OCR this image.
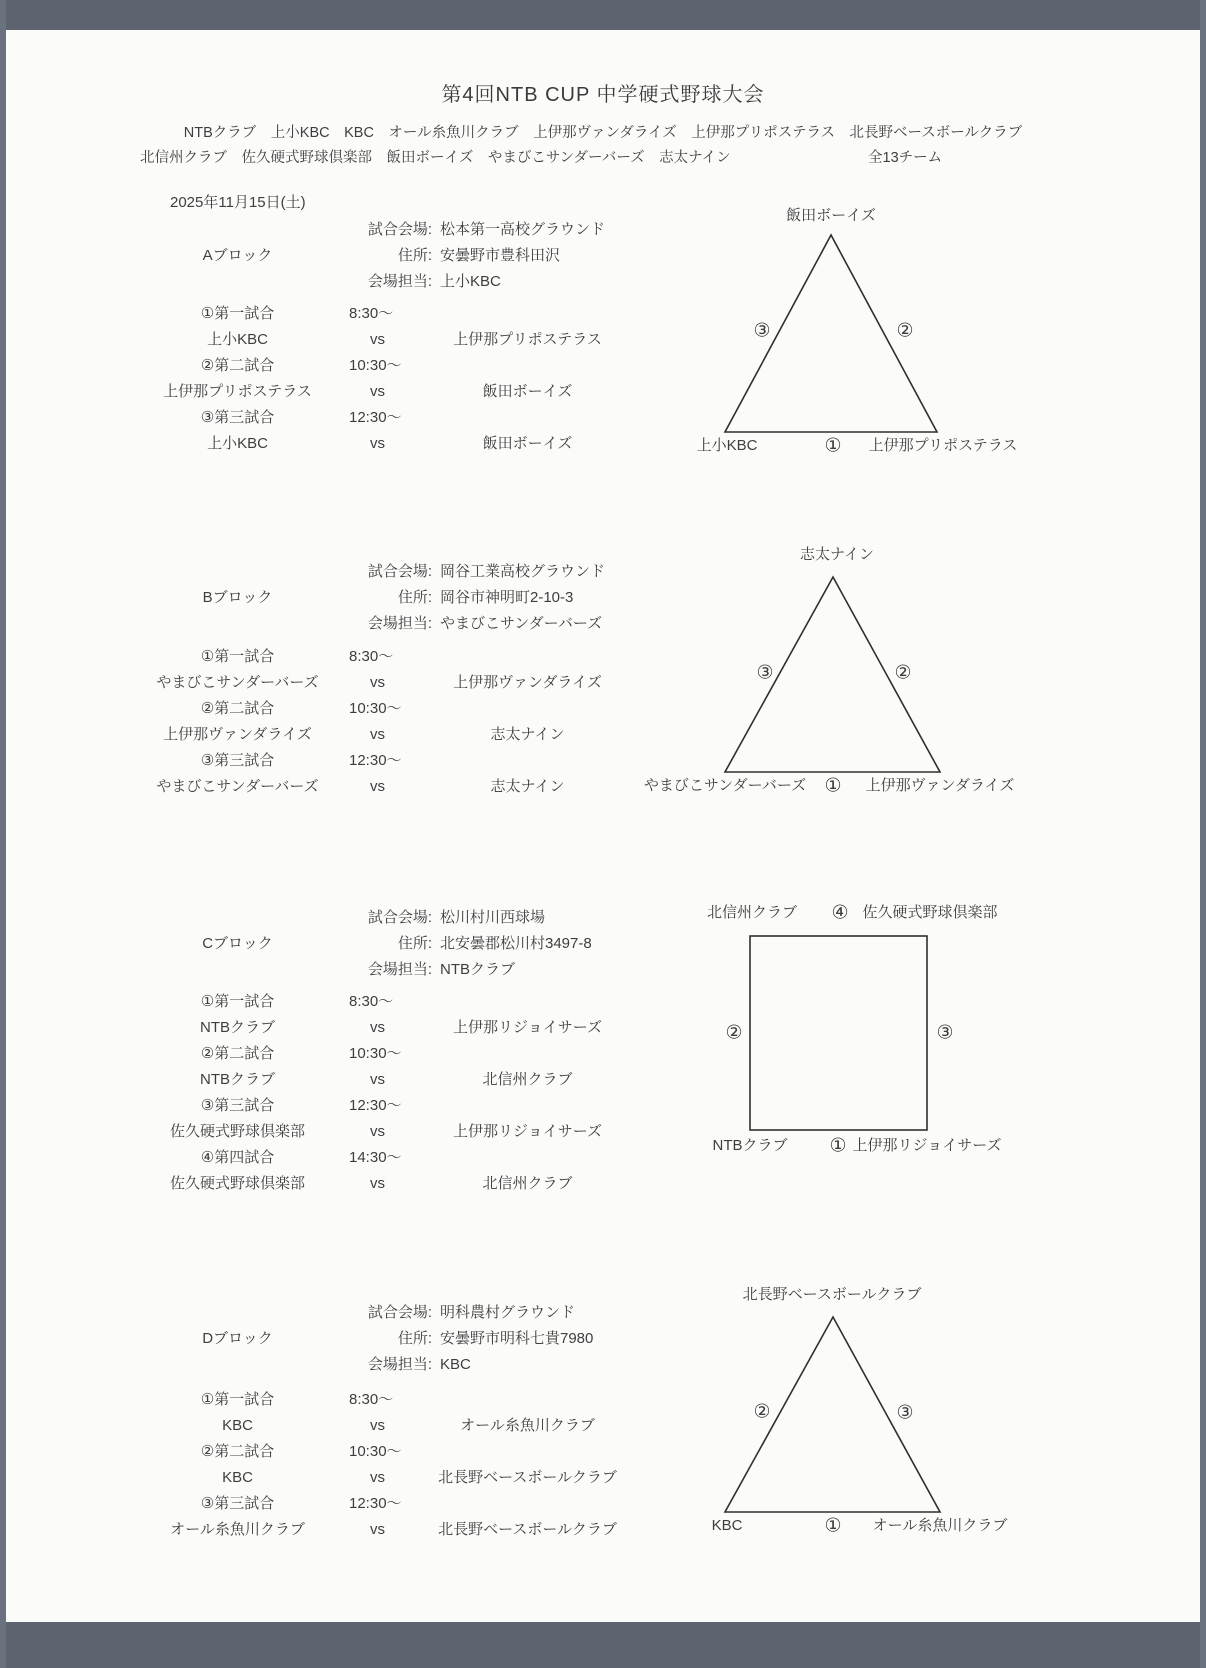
第4回NTB CUP 中学硬式野球大会
NTBクラブ　上小KBC　KBC　オール糸魚川クラブ　上伊那ヴァンダライズ　上伊那プリポステラス　北長野ベースボールクラブ
北信州クラブ　佐久硬式野球倶楽部　飯田ボーイズ　やまびこサンダーバーズ　志太ナイン	全13チーム
2025年11月15日(土)
試合会場: 松本第一高校グラウンド
住所: 安曇野市豊科田沢
会場担当: 上小KBC
Aブロック
①第一試合	8:30～
上小KBC	vs	上伊那プリポステラス
②第二試合	10:30～
上伊那プリポステラス	vs	飯田ボーイズ
③第三試合	12:30～
上小KBC	vs	飯田ボーイズ
飯田ボーイズ
③	②
上小KBC	① 上伊那プリポステラス
試合会場: 岡谷工業高校グラウンド
住所: 岡谷市神明町2-10-3
会場担当: やまびこサンダーバーズ
Bブロック
①第一試合	8:30～
やまびこサンダーバーズ	vs	上伊那ヴァンダライズ
②第二試合	10:30～
上伊那ヴァンダライズ	vs	志太ナイン
③第三試合	12:30～
やまびこサンダーバーズ	vs	志太ナイン
志太ナイン
③	②
やまびこサンダーバーズ ① 上伊那ヴァンダライズ
試合会場: 松川村川西球場
住所: 北安曇郡松川村3497-8
会場担当: NTBクラブ
Cブロック
①第一試合	8:30～
NTBクラブ	vs	上伊那リジョイサーズ
②第二試合	10:30～
NTBクラブ	vs	北信州クラブ
③第三試合	12:30～
佐久硬式野球倶楽部	vs	上伊那リジョイサーズ
④第四試合	14:30～
佐久硬式野球倶楽部	vs	北信州クラブ
北信州クラブ ④ 佐久硬式野球倶楽部
②	③
NTBクラブ ① 上伊那リジョイサーズ
試合会場: 明科農村グラウンド
住所: 安曇野市明科七貴7980
会場担当: KBC
Dブロック
①第一試合	8:30～
KBC	vs	オール糸魚川クラブ
②第二試合	10:30～
KBC	vs	北長野ベースボールクラブ
③第三試合	12:30～
オール糸魚川クラブ	vs	北長野ベースボールクラブ
北長野ベースボールクラブ
②	③
KBC	① オール糸魚川クラブ
